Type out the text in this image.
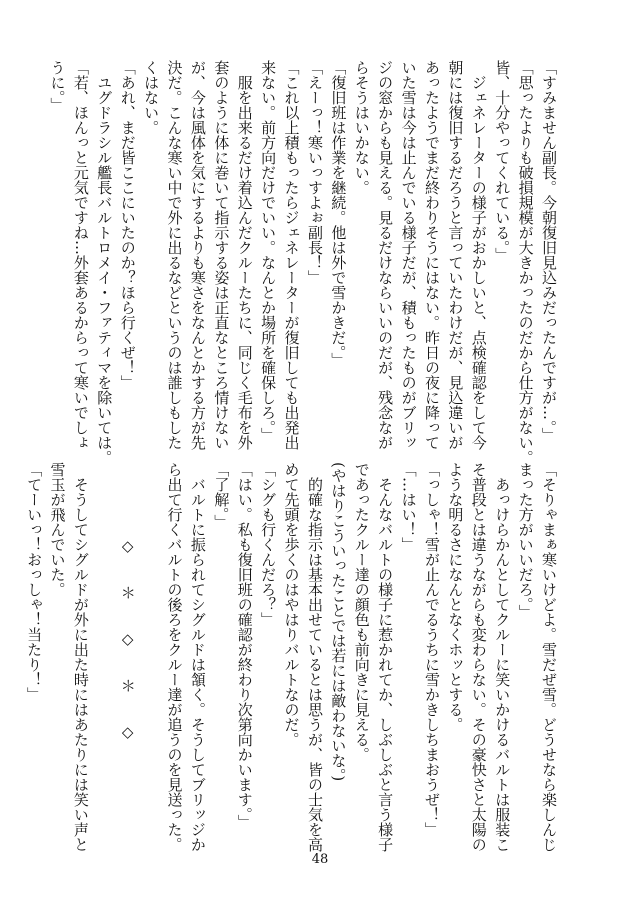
「すみません副長。今朝復旧見込みだったんですが…。」
「思ったよりも破損規模が大きかったのだから仕方がない。
皆、十分やってくれている。」
　ジェネレーターの様子がおかしいと、点検確認をして今
朝には復旧するだろうと言っていたわけだが、見込違いが
あったようでまだ終わりそうにはない。昨日の夜に降って
いた雪は今は止んでいる様子だが、積もったものがブリッ
ジの窓からも見える。見るだけならいいのだが、残念なが
らそうはいかない。
「復旧班は作業を継続。他は外で雪かきだ。」
「えーっ！寒いっすよぉ副長！」
「これ以上積もったらジェネレーターが復旧しても出発出
来ない。前方向だけでいい。なんとか場所を確保しろ。」
　服を出来るだけ着込んだクルーたちに、同じく毛布を外
套のように体に巻いて指示する姿は正直なところ情けない
が、今は風体を気にするよりも寒さをなんとかする方が先
決だ。こんな寒い中で外に出るなどというのは誰しもした
くはない。
「あれ、まだ皆ここにいたのか？ほら行くぜ！」
　ユグドラシル艦長バルトロメイ・ファティマを除いては。
「若、ほんっと元気ですね…外套あるからって寒いでしょ
うに。」
「そりゃまぁ寒いけどよ。雪だぜ雪。どうせなら楽しんじ
まった方がいいだろ。」
　あっけらかんとしてクルーに笑いかけるバルトは服装こ
そ普段とは違うながらも変わらない。その豪快さと太陽の
ような明るさになんとなくホッとする。
「っしゃ！雪が止んでるうちに雪かきしちまおうぜ！」
「…はい！」
　そんなバルトの様子に惹かれてか、しぶしぶと言う様子
であったクルー達の顔色も前向きに見える。
(やはりこういったことでは若には敵わないな。)
　的確な指示は基本出せているとは思うが、皆の士気を高
めて先頭を歩くのはやはりバルトなのだ。
「シグも行くんだろ？」
「はい。私も復旧班の確認が終わり次第向かいます。」
「了解。」
　バルトに振られてシグルドは頷く。そうしてブリッジか
ら出て行くバルトの後ろをクルー達が追うのを見送った。

　　　　　◇　　＊　　◇　　＊　　◇

　そうしてシグルドが外に出た時にはあたりには笑い声と
雪玉が飛んでいた。
「てーいっ！おっしゃ！当たり！」
48
